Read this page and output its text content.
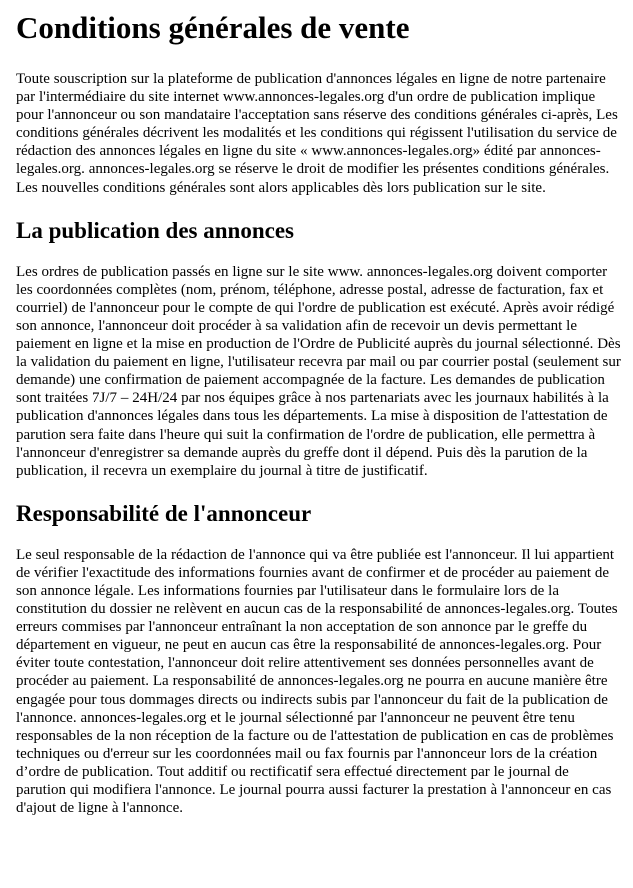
Conditions générales de vente

Toute souscription sur la plateforme de publication d'annonces légales en ligne de notre partenaire par l'intermédiaire du site internet www.annonces-legales.org d'un ordre de publication implique pour l'annonceur ou son mandataire l'acceptation sans réserve des conditions générales ci-après, Les conditions générales décrivent les modalités et les conditions qui régissent l'utilisation du service de rédaction des annonces légales en ligne du site « www.annonces-legales.org» édité par annonces-legales.org. annonces-legales.org se réserve le droit de modifier les présentes conditions générales. Les nouvelles conditions générales sont alors applicables dès lors publication sur le site.

La publication des annonces

Les ordres de publication passés en ligne sur le site www. annonces-legales.org doivent comporter les coordonnées complètes (nom, prénom, téléphone, adresse postal, adresse de facturation, fax et courriel) de l'annonceur pour le compte de qui l'ordre de publication est exécuté. Après avoir rédigé son annonce, l'annonceur doit procéder à sa validation afin de recevoir un devis permettant le paiement en ligne et la mise en production de l'Ordre de Publicité auprès du journal sélectionné. Dès la validation du paiement en ligne, l'utilisateur recevra par mail ou par courrier postal (seulement sur demande) une confirmation de paiement accompagnée de la facture. Les demandes de publication sont traitées 7J/7 – 24H/24 par nos équipes grâce à nos partenariats avec les journaux habilités à la publication d'annonces légales dans tous les départements. La mise à disposition de l'attestation de parution sera faite dans l'heure qui suit la confirmation de l'ordre de publication, elle permettra à l'annonceur d'enregistrer sa demande auprès du greffe dont il dépend. Puis dès la parution de la publication, il recevra un exemplaire du journal à titre de justificatif.

Responsabilité de l'annonceur

Le seul responsable de la rédaction de l'annonce qui va être publiée est l'annonceur. Il lui appartient de vérifier l'exactitude des informations fournies avant de confirmer et de procéder au paiement de son annonce légale. Les informations fournies par l'utilisateur dans le formulaire lors de la constitution du dossier ne relèvent en aucun cas de la responsabilité de annonces-legales.org. Toutes erreurs commises par l'annonceur entraînant la non acceptation de son annonce par le greffe du département en vigueur, ne peut en aucun cas être la responsabilité de annonces-legales.org. Pour éviter toute contestation, l'annonceur doit relire attentivement ses données personnelles avant de procéder au paiement. La responsabilité de annonces-legales.org ne pourra en aucune manière être engagée pour tous dommages directs ou indirects subis par l'annonceur du fait de la publication de l'annonce. annonces-legales.org et le journal sélectionné par l'annonceur ne peuvent être tenu responsables de la non réception de la facture ou de l'attestation de publication en cas de problèmes techniques ou d'erreur sur les coordonnées mail ou fax fournis par l'annonceur lors de la création d’ordre de publication. Tout additif ou rectificatif sera effectué directement par le journal de parution qui modifiera l'annonce. Le journal pourra aussi facturer la prestation à l'annonceur en cas d'ajout de ligne à l'annonce.
